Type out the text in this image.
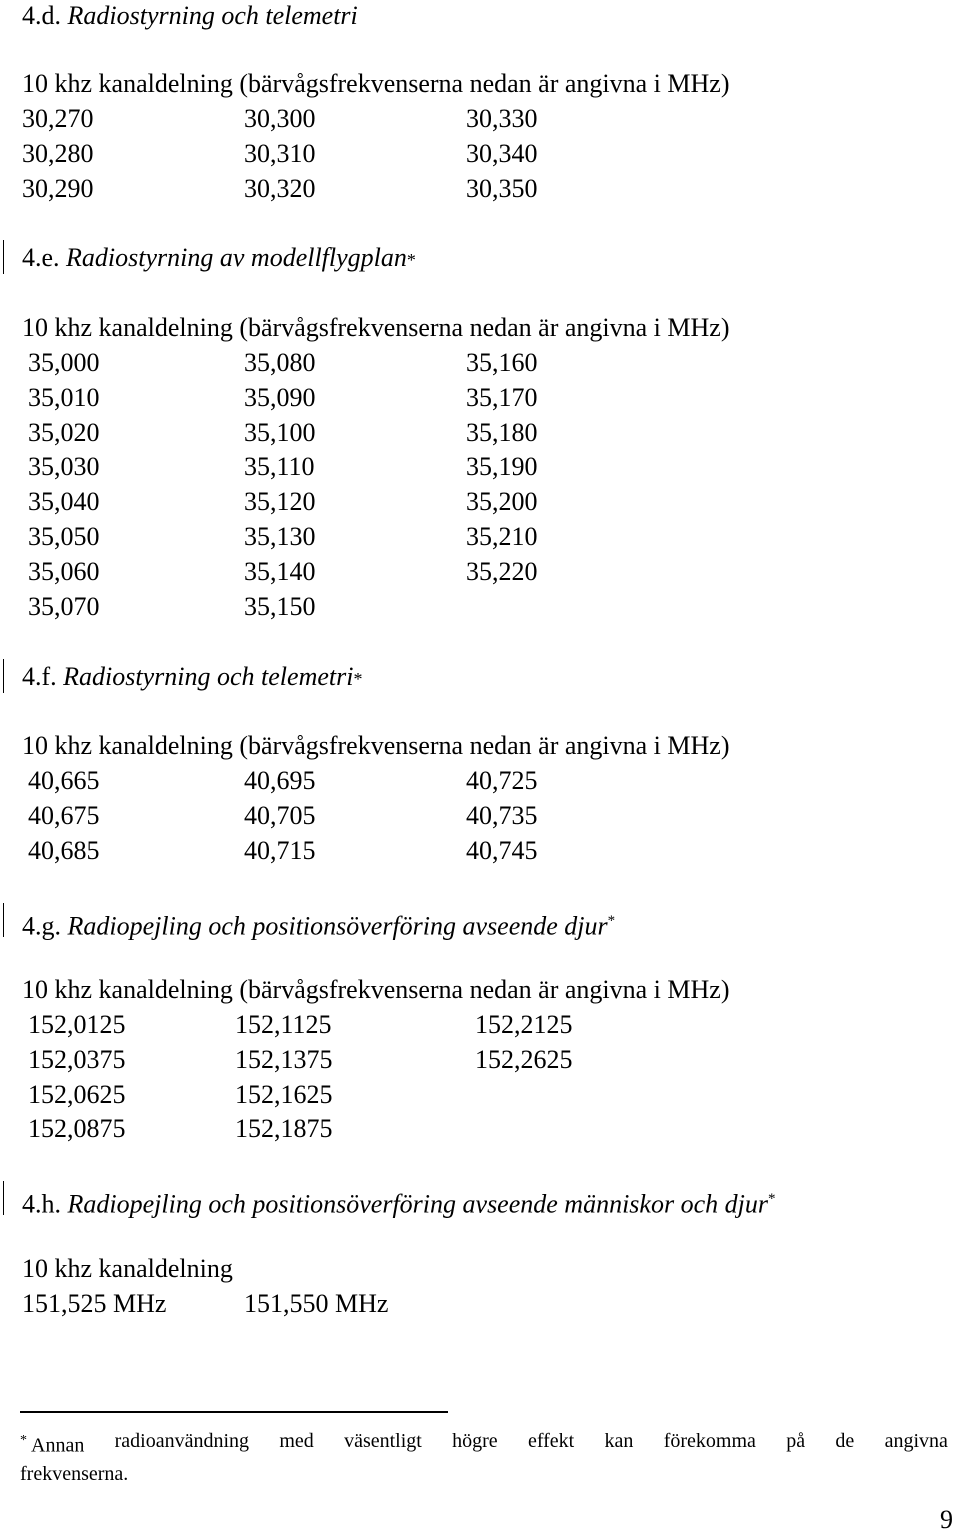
4.d. Radiostyrning och telemetri
10 khz kanaldelning (bärvågsfrekvenserna nedan är angivna i MHz)
30,270
30,280
30,290
30,300
30,310
30,320
30,330
30,340
30,350
4.e. Radiostyrning av modellflygplan*
10 khz kanaldelning (bärvågsfrekvenserna nedan är angivna i MHz)
35,000
35,010
35,020
35,030
35,040
35,050
35,060
35,070
35,080
35,090
35,100
35,110
35,120
35,130
35,140
35,150
35,160
35,170
35,180
35,190
35,200
35,210
35,220
4.f. Radiostyrning och telemetri*
10 khz kanaldelning (bärvågsfrekvenserna nedan är angivna i MHz)
40,665
40,675
40,685
40,695
40,705
40,715
40,725
40,735
40,745
4.g. Radiopejling och positionsöverföring avseende djur*
10 khz kanaldelning (bärvågsfrekvenserna nedan är angivna i MHz)
152,0125
152,0375
152,0625
152,0875
152,1125
152,1375
152,1625
152,1875
152,2125
152,2625
4.h. Radiopejling och positionsöverföring avseende människor och djur*
10 khz kanaldelning
151,525 MHz	151,550 MHz
* Annan radioanvändning med väsentligt högre effekt kan förekomma på de angivna
frekvenserna.
9
